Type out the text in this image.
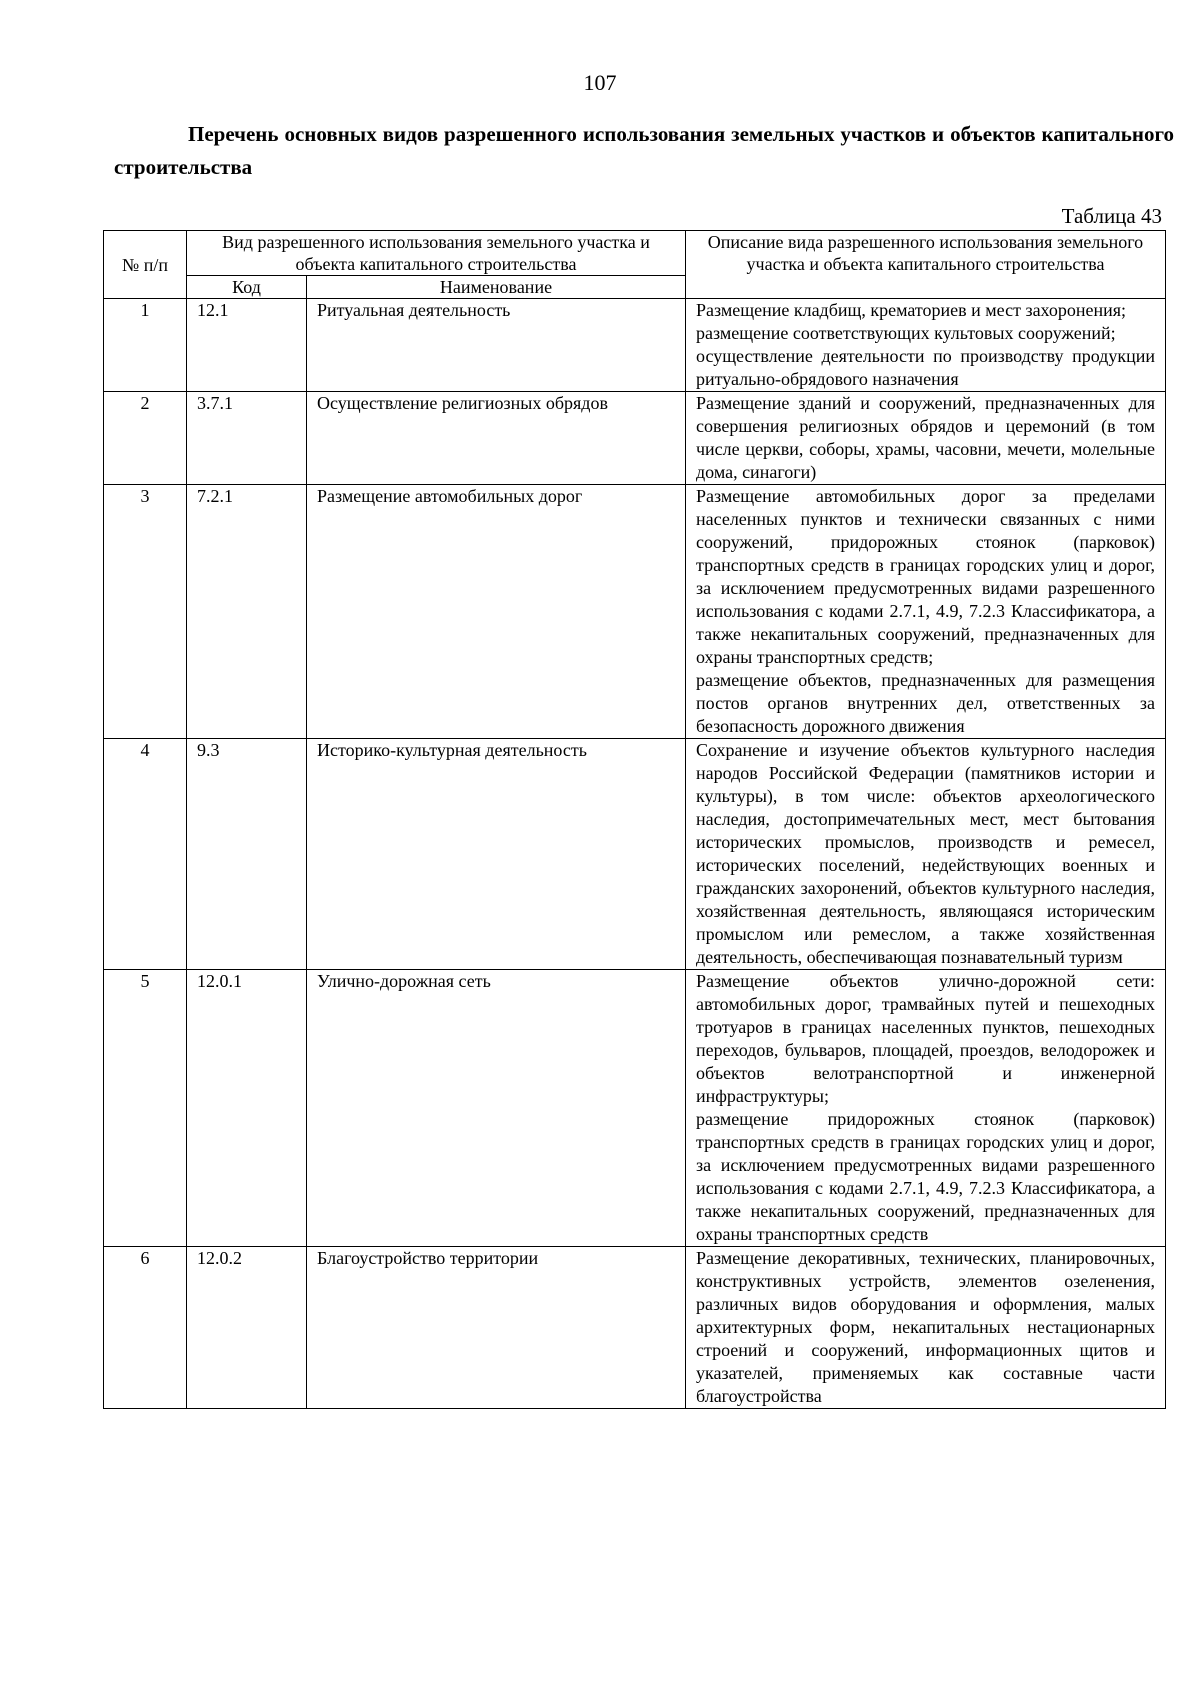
107
Перечень основных видов разрешенного использования земельных участков и объектов капитального строительства
Таблица 43
№ п/п	Вид разрешенного использования земельного участка и объекта капитального строительства		Описание вида разрешенного использования земельного участка и объекта капитального строительства
	Код	Наименование	
1	12.1	Ритуальная деятельность	Размещение кладбищ, крематориев и мест захоронения;
размещение соответствующих культовых сооружений;
осуществление деятельности по производству продукции ритуально-обрядового назначения

2	3.7.1	Осуществление религиозных обрядов	Размещение зданий и сооружений, предназначенных для совершения религиозных обрядов и церемоний (в том числе церкви, соборы, храмы, часовни, мечети, молельные дома, синагоги)

3	7.2.1	Размещение автомобильных дорог	Размещение автомобильных дорог за пределами населенных пунктов и технически связанных с ними сооружений, придорожных стоянок (парковок) транспортных средств в границах городских улиц и дорог, за исключением предусмотренных видами разрешенного использования с кодами 2.7.1, 4.9, 7.2.3 Классификатора, а также некапитальных сооружений, предназначенных для охраны транспортных средств;
размещение объектов, предназначенных для размещения постов органов внутренних дел, ответственных за безопасность дорожного движения

4	9.3	Историко-культурная деятельность	Сохранение и изучение объектов культурного наследия народов Российской Федерации (памятников истории и культуры), в том числе: объектов археологического наследия, достопримечательных мест, мест бытования исторических промыслов, производств и ремесел, исторических поселений, недействующих военных и гражданских захоронений, объектов культурного наследия, хозяйственная деятельность, являющаяся историческим промыслом или ремеслом, а также хозяйственная деятельность, обеспечивающая познавательный туризм

5	12.0.1	Улично-дорожная сеть	Размещение объектов улично-дорожной сети: автомобильных дорог, трамвайных путей и пешеходных тротуаров в границах населенных пунктов, пешеходных переходов, бульваров, площадей, проездов, велодорожек и объектов велотранспортной и инженерной инфраструктуры;
размещение придорожных стоянок (парковок) транспортных средств в границах городских улиц и дорог, за исключением предусмотренных видами разрешенного использования с кодами 2.7.1, 4.9, 7.2.3 Классификатора, а также некапитальных сооружений, предназначенных для охраны транспортных средств

6	12.0.2	Благоустройство территории	Размещение декоративных, технических, планировочных, конструктивных устройств, элементов озеленения, различных видов оборудования и оформления, малых архитектурных форм, некапитальных нестационарных строений и сооружений, информационных щитов и указателей, применяемых как составные части благоустройства
